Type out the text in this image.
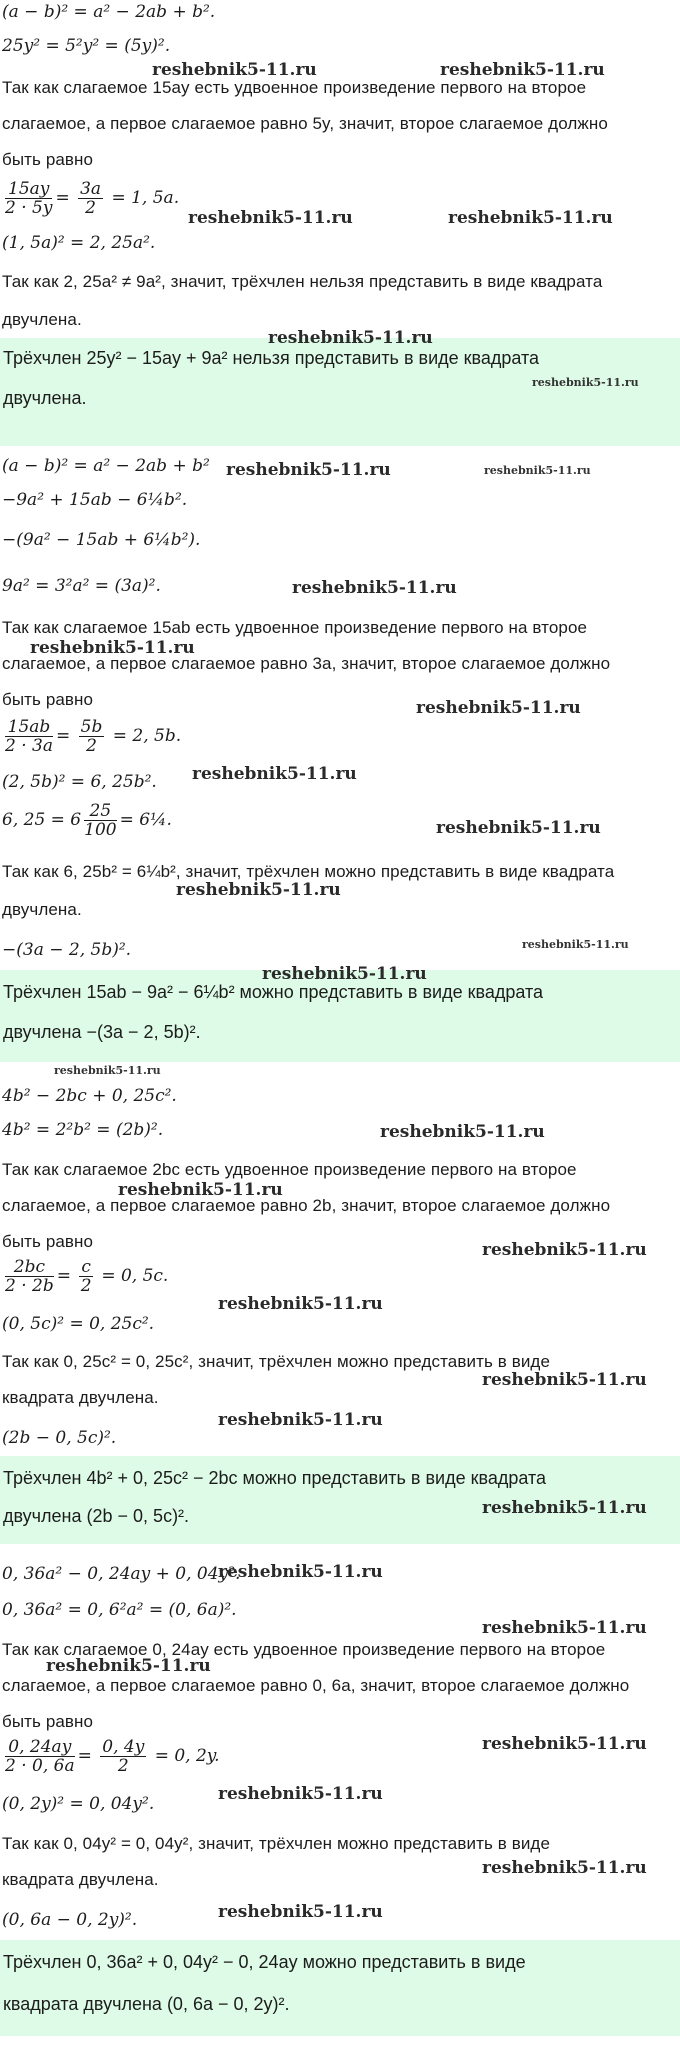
(a − b)² = a² − 2ab + b².
25y² = 5²y² = (5y)².
Так как слагаемое 15ay есть удвоенное произведение первого на второе
слагаемое, а первое слагаемое равно 5y, значит, второе слагаемое должно
быть равно
$\frac{15ay}{2 \cdot 5y} = \frac{3a}{2} = 1$, 5a.
(1, 5a)² = 2, 25a².
Так как 2, 25a² ≠ 9a², значит, трёхчлен нельзя представить в виде квадрата
двучлена.
Трёхчлен 25y² − 15ay + 9a² нельзя представить в виде квадрата
двучлена.
(a − b)² = a² − 2ab + b²
−9a² + 15ab − 6¼b².
−(9a² − 15ab + 6¼b²).
9a² = 3²a² = (3a)².
Так как слагаемое 15ab есть удвоенное произведение первого на второе
слагаемое, а первое слагаемое равно 3a, значит, второе слагаемое должно
быть равно
$\frac{15ab}{2 \cdot 3a} = \frac{5b}{2} = 2$, 5b.
(2, 5b)² = 6, 25b².
6, $25 = 6 \frac{25}{100}$ = 6¼.
Так как 6, 25b² = 6¼b², значит, трёхчлен можно представить в виде квадрата
двучлена.
−(3a − 2, 5b)².
Трёхчлен 15ab − 9a² − 6¼b² можно представить в виде квадрата
двучлена −(3a − 2, 5b)².
4b² − 2bc + 0, 25c².
4b² = 2²b² = (2b)².
Так как слагаемое 2bc есть удвоенное произведение первого на второе
слагаемое, а первое слагаемое равно 2b, значит, второе слагаемое должно
быть равно
$\frac{2bc}{2 \cdot 2b} = \frac{c}{2} = 0$, 5c.
(0, 5c)² = 0, 25c².
Так как 0, 25c² = 0, 25c², значит, трёхчлен можно представить в виде
квадрата двучлена.
(2b − 0, 5c)².
Трёхчлен 4b² + 0, 25c² − 2bc можно представить в виде квадрата
двучлена (2b − 0, 5c)².
0, 36a² − 0, 24ay + 0, 04y².
0, 36a² = 0, 6²a² = (0, 6a)².
Так как слагаемое 0, 24ay есть удвоенное произведение первого на второе
слагаемое, а первое слагаемое равно 0, 6a, значит, второе слагаемое должно
быть равно
$\frac{0, 24ay}{2 \cdot 0, 6a} = \frac{0, 4y}{2} = 0$, 2y.
(0, 2y)² = 0, 04y².
Так как 0, 04y² = 0, 04y², значит, трёхчлен можно представить в виде
квадрата двучлена.
(0, 6a − 0, 2y)².
Трёхчлен 0, 36a² + 0, 04y² − 0, 24ay можно представить в виде
квадрата двучлена (0, 6a − 0, 2y)².
reshebnik5-11.ru	reshebnik5-11.ru
reshebnik5-11.ru	reshebnik5-11.ru
reshebnik5-11.ru
reshebnik5-11.ru
reshebnik5-11.ru	reshebnik5-11.ru
reshebnik5-11.ru
reshebnik5-11.ru
reshebnik5-11.ru
reshebnik5-11.ru
reshebnik5-11.ru
reshebnik5-11.ru
reshebnik5-11.ru
reshebnik5-11.ru
reshebnik5-11.ru
reshebnik5-11.ru
reshebnik5-11.ru
reshebnik5-11.ru
reshebnik5-11.ru
reshebnik5-11.ru
reshebnik5-11.ru
reshebnik5-11.ru
reshebnik5-11.ru
reshebnik5-11.ru
reshebnik5-11.ru
reshebnik5-11.ru
reshebnik5-11.ru
reshebnik5-11.ru
reshebnik5-11.ru
